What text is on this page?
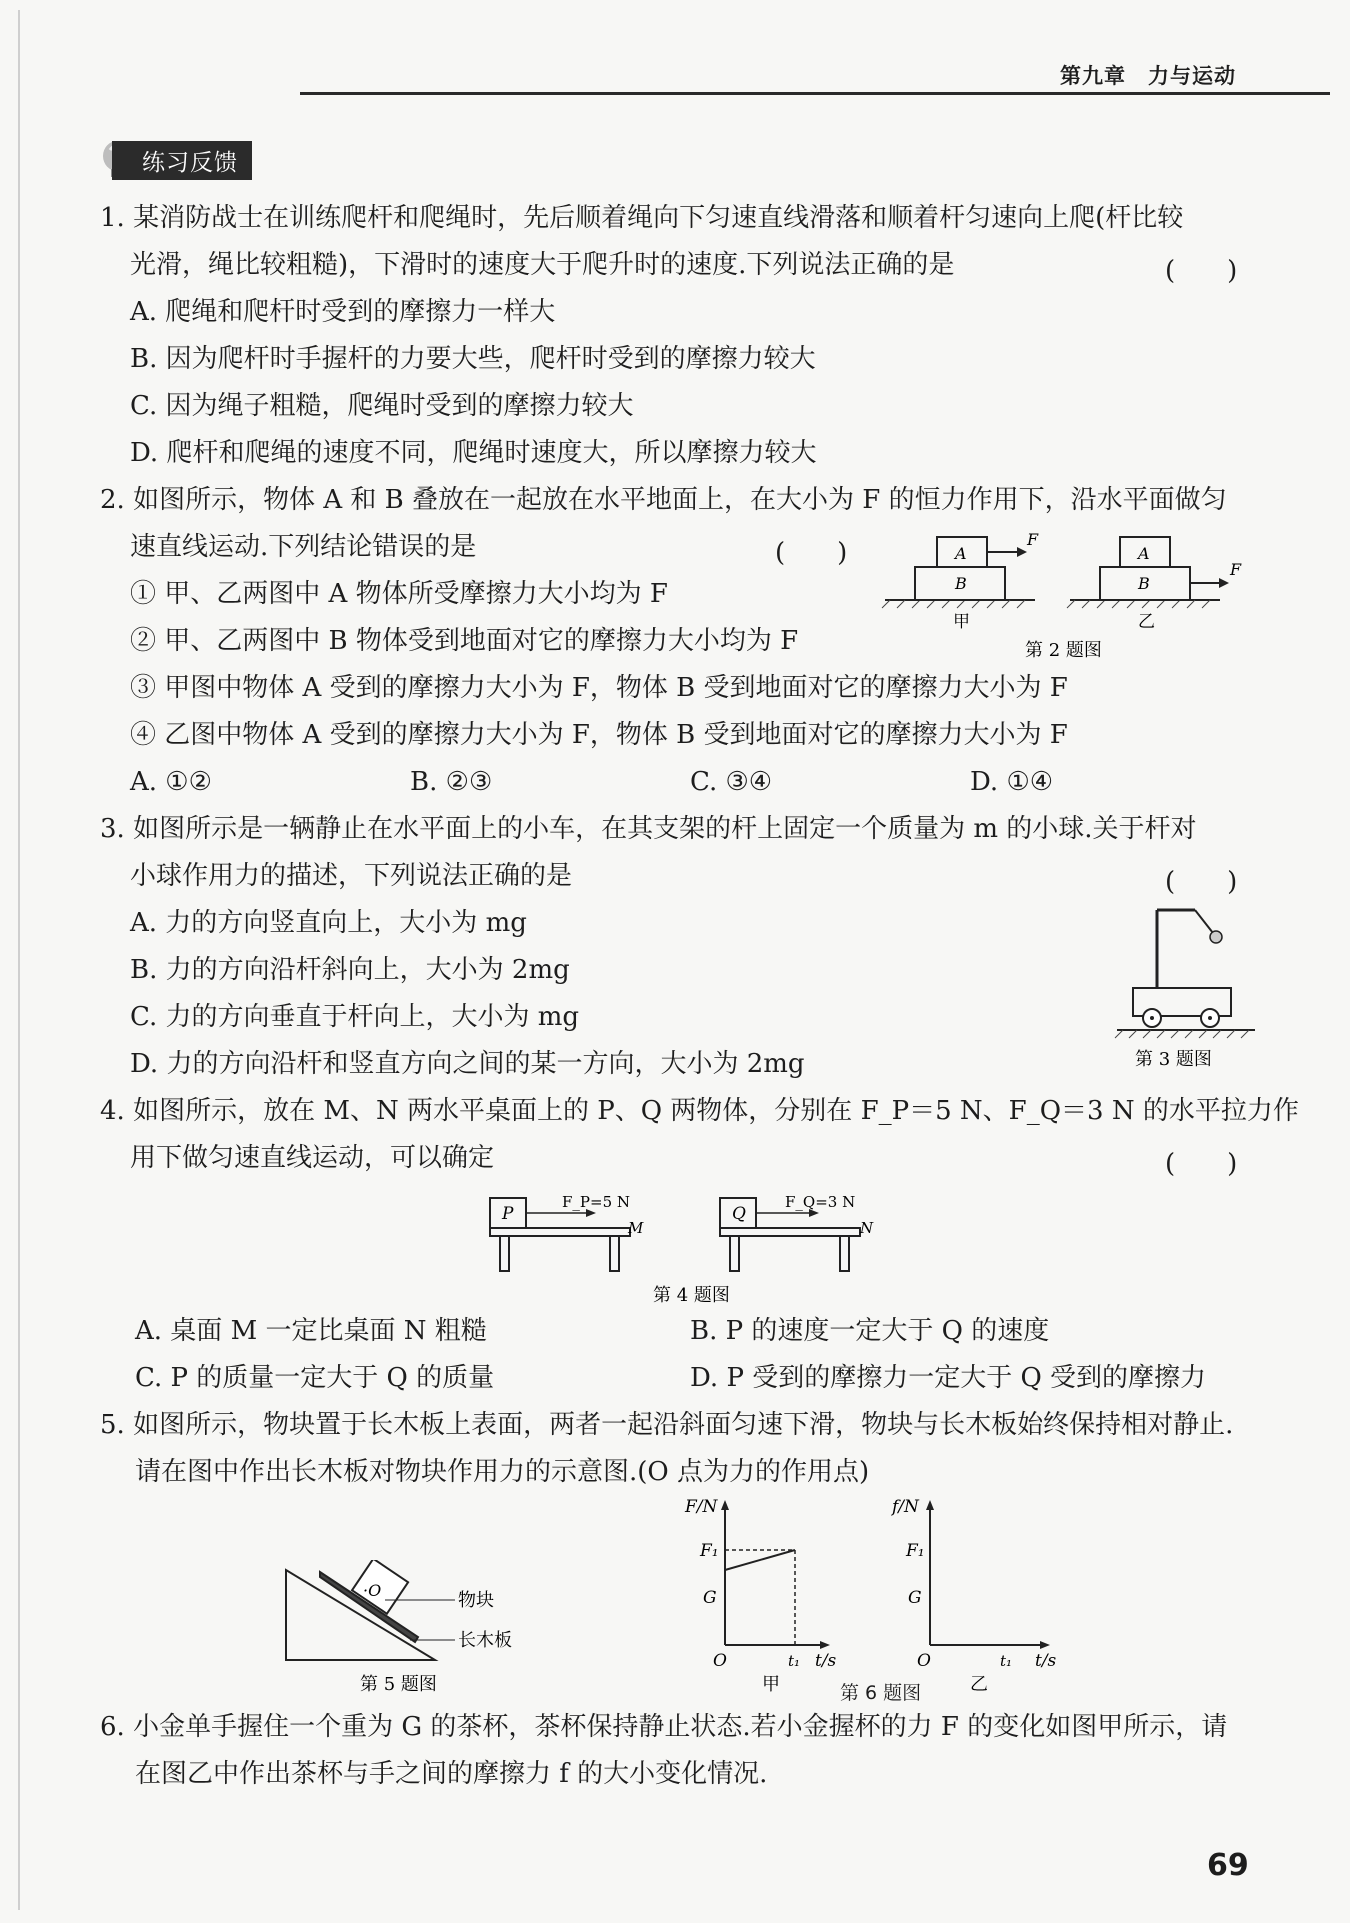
第九章　力与运动
练习反馈
1. 某消防战士在训练爬杆和爬绳时，先后顺着绳向下匀速直线滑落和顺着杆匀速向上爬(杆比较
光滑，绳比较粗糙)，下滑时的速度大于爬升时的速度.下列说法正确的是	(　　)
A. 爬绳和爬杆时受到的摩擦力一样大
B. 因为爬杆时手握杆的力要大些，爬杆时受到的摩擦力较大
C. 因为绳子粗糙，爬绳时受到的摩擦力较大
D. 爬杆和爬绳的速度不同，爬绳时速度大，所以摩擦力较大
2. 如图所示，物体 A 和 B 叠放在一起放在水平地面上，在大小为 F 的恒力作用下，沿水平面做匀
速直线运动.下列结论错误的是	(　　)
① 甲、乙两图中 A 物体所受摩擦力大小均为 F
② 甲、乙两图中 B 物体受到地面对它的摩擦力大小均为 F
③ 甲图中物体 A 受到的摩擦力大小为 F，物体 B 受到地面对它的摩擦力大小为 F
④ 乙图中物体 A 受到的摩擦力大小为 F，物体 B 受到地面对它的摩擦力大小为 F
A. ①②	B. ②③	C. ③④	D. ①④
A
B
F
甲
A
B
F
乙
第 2 题图
3. 如图所示是一辆静止在水平面上的小车，在其支架的杆上固定一个质量为 m 的小球.关于杆对
小球作用力的描述，下列说法正确的是	(　　)
A. 力的方向竖直向上，大小为 mg
B. 力的方向沿杆斜向上，大小为 2mg
C. 力的方向垂直于杆向上，大小为 mg
D. 力的方向沿杆和竖直方向之间的某一方向，大小为 2mg	第 3 题图
4. 如图所示，放在 M、N 两水平桌面上的 P、Q 两物体，分别在 F_P＝5 N、F_Q＝3 N 的水平拉力作
用下做匀速直线运动，可以确定	(　　)
P
F_P=5 N
M
Q
F_Q=3 N
N
第 4 题图
A. 桌面 M 一定比桌面 N 粗糙	B. P 的速度一定大于 Q 的速度
C. P 的质量一定大于 Q 的质量	D. P 受到的摩擦力一定大于 Q 受到的摩擦力
5. 如图所示，物块置于长木板上表面，两者一起沿斜面匀速下滑，物块与长木板始终保持相对静止.
请在图中作出长木板对物块作用力的示意图.(O 点为力的作用点)
·O	物块
长木板
第 5 题图
F/N
F₁
G
O	t₁ t/s
甲
f/N
F₁
G
O	t₁ t/s
乙
第 6 题图
6. 小金单手握住一个重为 G 的茶杯，茶杯保持静止状态.若小金握杯的力 F 的变化如图甲所示，请
在图乙中作出茶杯与手之间的摩擦力 f 的大小变化情况.
69
